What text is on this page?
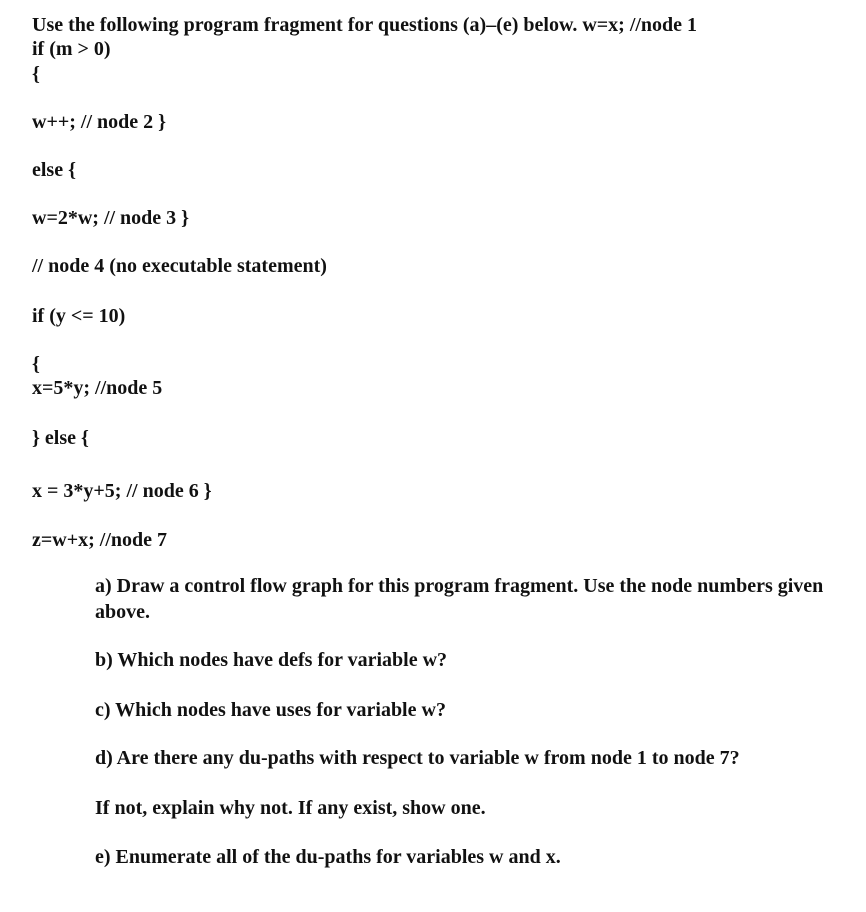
Use the following program fragment for questions (a)–(e) below. w=x; //node 1
if (m > 0)
{
w++; // node 2 }
else {
w=2*w; // node 3 }
// node 4 (no executable statement)
if (y <= 10)
{
x=5*y; //node 5
} else {
x = 3*y+5; // node 6 }
z=w+x; //node 7
a) Draw a control flow graph for this program fragment. Use the node numbers given above.
b) Which nodes have defs for variable w?
c) Which nodes have uses for variable w?
d) Are there any du-paths with respect to variable w from node 1 to node 7?
If not, explain why not. If any exist, show one.
e) Enumerate all of the du-paths for variables w and x.
